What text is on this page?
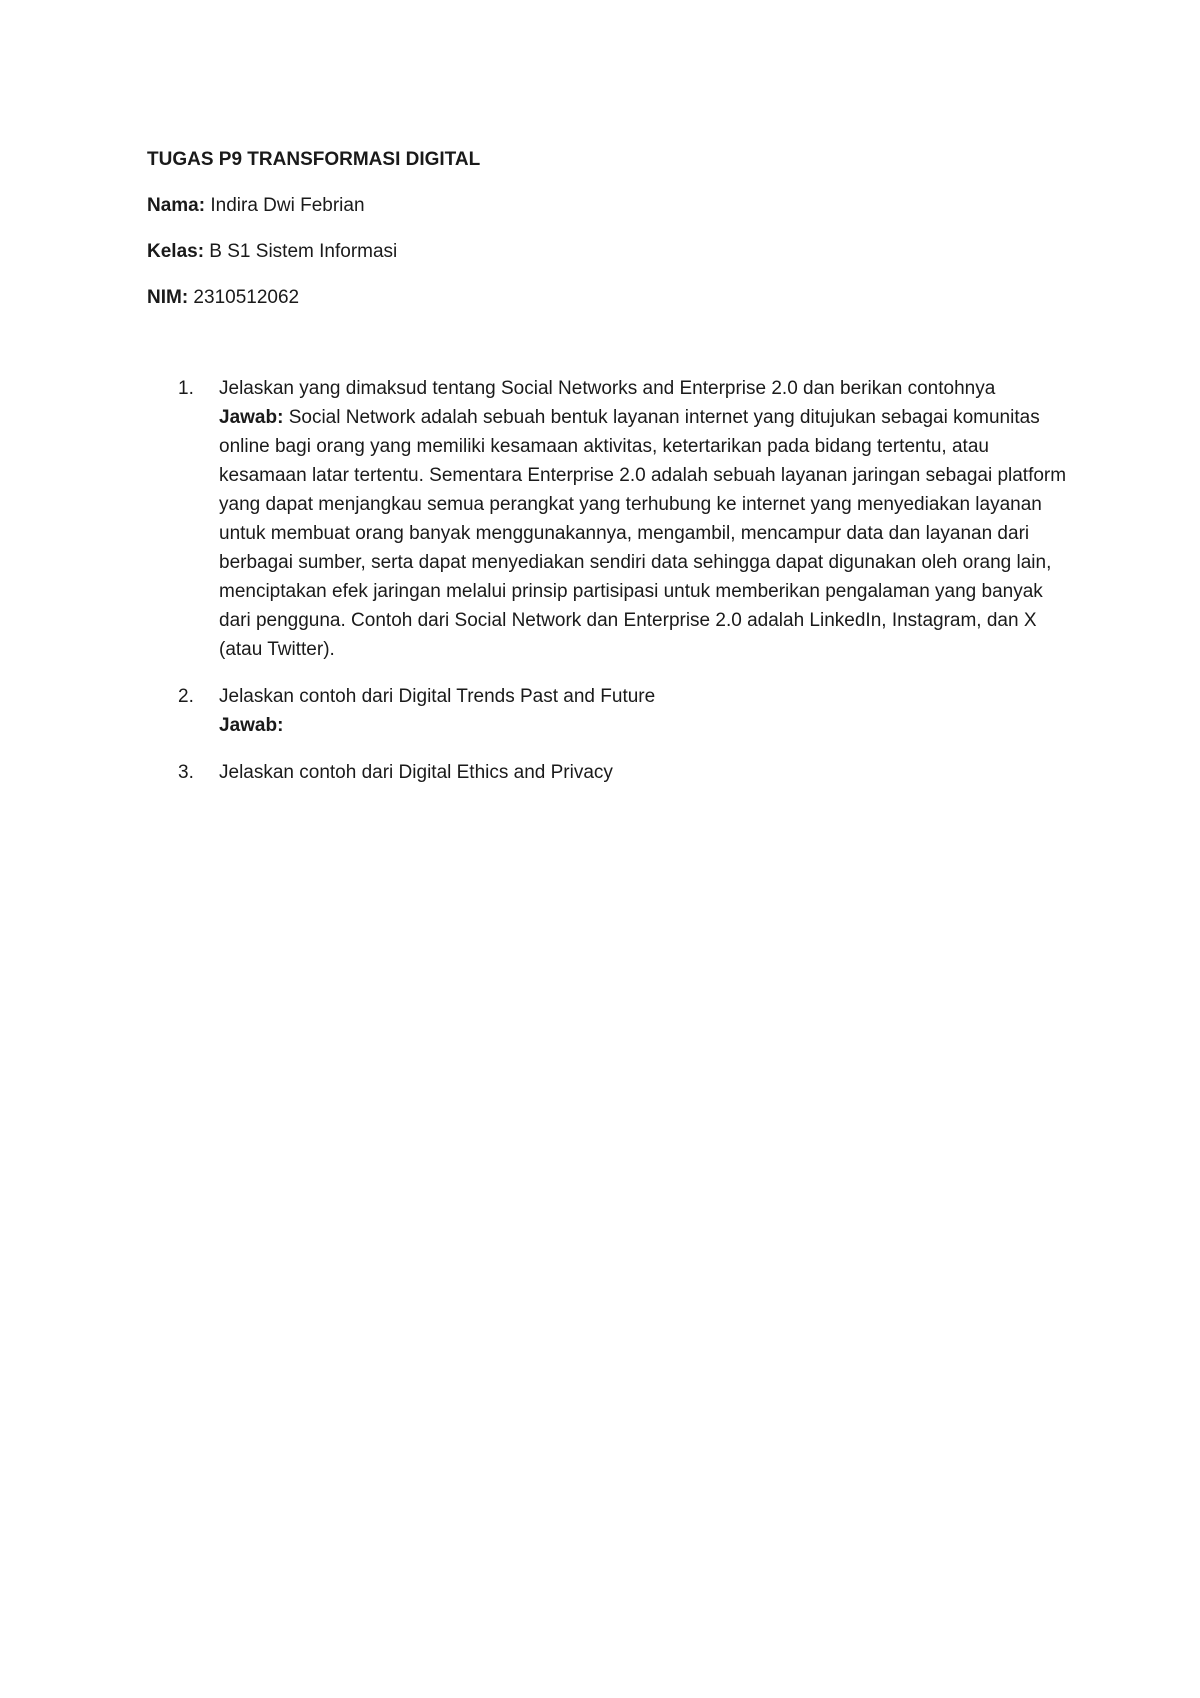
TUGAS P9 TRANSFORMASI DIGITAL

Nama: Indira Dwi Febrian

Kelas: B S1 Sistem Informasi

NIM: 2310512062

1. Jelaskan yang dimaksud tentang Social Networks and Enterprise 2.0 dan berikan contohnya
Jawab: Social Network adalah sebuah bentuk layanan internet yang ditujukan sebagai komunitas online bagi orang yang memiliki kesamaan aktivitas, ketertarikan pada bidang tertentu, atau kesamaan latar tertentu. Sementara Enterprise 2.0 adalah sebuah layanan jaringan sebagai platform yang dapat menjangkau semua perangkat yang terhubung ke internet yang menyediakan layanan untuk membuat orang banyak menggunakannya, mengambil, mencampur data dan layanan dari berbagai sumber, serta dapat menyediakan sendiri data sehingga dapat digunakan oleh orang lain, menciptakan efek jaringan melalui prinsip partisipasi untuk memberikan pengalaman yang banyak dari pengguna. Contoh dari Social Network dan Enterprise 2.0 adalah LinkedIn, Instagram, dan X (atau Twitter).
2. Jelaskan contoh dari Digital Trends Past and Future
Jawab:
3. Jelaskan contoh dari Digital Ethics and Privacy
